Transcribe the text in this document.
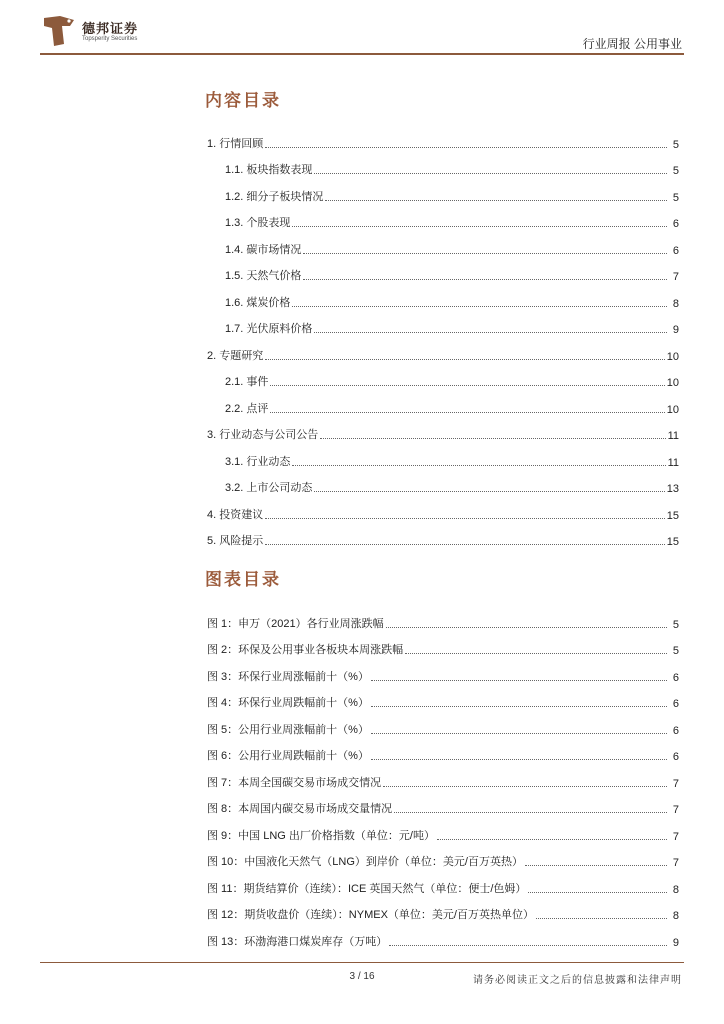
德邦证券
Topsperity Securities	行业周报 公用事业
内容目录
1. 行情回顾	5
1.1. 板块指数表现	5
1.2. 细分子板块情况	5
1.3. 个股表现	6
1.4. 碳市场情况	6
1.5. 天然气价格	7
1.6. 煤炭价格	8
1.7. 光伏原料价格	9
2. 专题研究	10
2.1. 事件	10
2.2. 点评	10
3. 行业动态与公司公告	11
3.1. 行业动态	11
3.2. 上市公司动态	13
4. 投资建议	15
5. 风险提示	15
图表目录
图 1：申万（2021）各行业周涨跌幅	5
图 2：环保及公用事业各板块本周涨跌幅	5
图 3：环保行业周涨幅前十（%）	6
图 4：环保行业周跌幅前十（%）	6
图 5：公用行业周涨幅前十（%）	6
图 6：公用行业周跌幅前十（%）	6
图 7：本周全国碳交易市场成交情况	7
图 8：本周国内碳交易市场成交量情况	7
图 9：中国 LNG 出厂价格指数（单位：元/吨）	7
图 10：中国液化天然气（LNG）到岸价（单位：美元/百万英热）	7
图 11：期货结算价（连续）：ICE 英国天然气（单位：便士/色姆）	8
图 12：期货收盘价（连续）：NYMEX（单位：美元/百万英热单位）	8
图 13：环渤海港口煤炭库存（万吨）	9
3 / 16	请务必阅读正文之后的信息披露和法律声明
